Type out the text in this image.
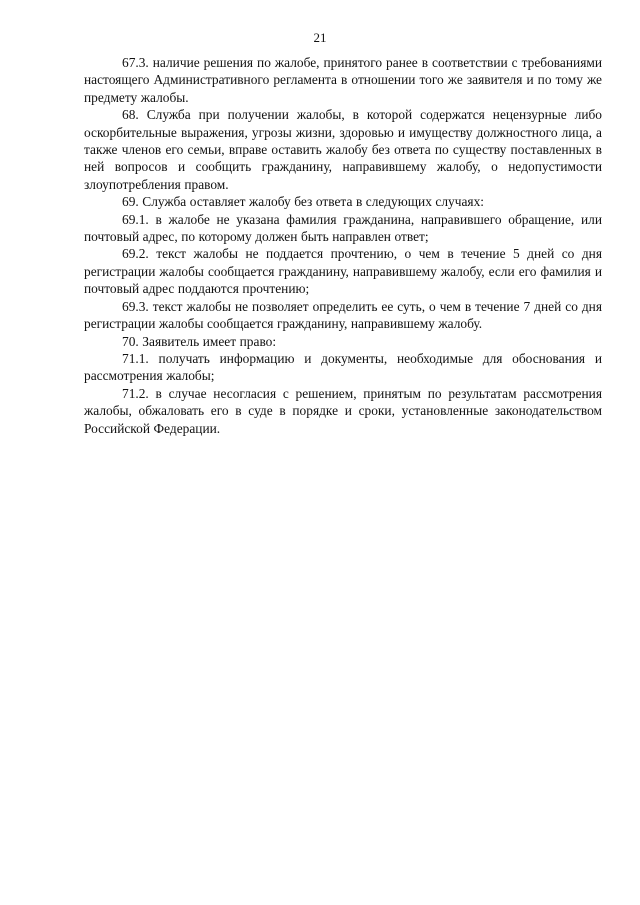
21

67.3. наличие решения по жалобе, принятого ранее в соответствии с требованиями настоящего Административного регламента в отношении того же заявителя и по тому же предмету жалобы.

68. Служба при получении жалобы, в которой содержатся нецензурные либо оскорбительные выражения, угрозы жизни, здоровью и имуществу должностного лица, а также членов его семьи, вправе оставить жалобу без ответа по существу поставленных в ней вопросов и сообщить гражданину, направившему жалобу, о недопустимости злоупотребления правом.

69. Служба оставляет жалобу без ответа в следующих случаях:

69.1. в жалобе не указана фамилия гражданина, направившего обращение, или почтовый адрес, по которому должен быть направлен ответ;

69.2. текст жалобы не поддается прочтению, о чем в течение 5 дней со дня регистрации жалобы сообщается гражданину, направившему жалобу, если его фамилия и почтовый адрес поддаются прочтению;

69.3. текст жалобы не позволяет определить ее суть, о чем в течение 7 дней со дня регистрации жалобы сообщается гражданину, направившему жалобу.

70. Заявитель имеет право:

71.1. получать информацию и документы, необходимые для обоснования и рассмотрения жалобы;

71.2. в случае несогласия с решением, принятым по результатам рассмотрения жалобы, обжаловать его в суде в порядке и сроки, установленные законодательством Российской Федерации.
